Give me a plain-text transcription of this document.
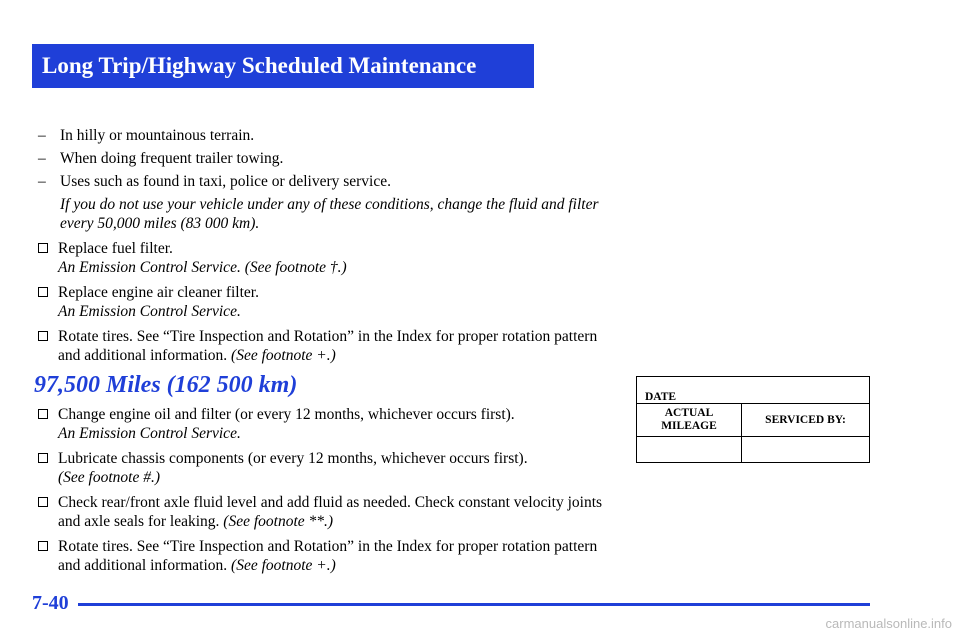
Long Trip/Highway Scheduled Maintenance
– In hilly or mountainous terrain.
– When doing frequent trailer towing.
– Uses such as found in taxi, police or delivery service.
If you do not use your vehicle under any of these conditions, change the fluid and filter every 50,000 miles (83 000 km).
Replace fuel filter.
An Emission Control Service. (See footnote †.)
Replace engine air cleaner filter.
An Emission Control Service.
Rotate tires. See “Tire Inspection and Rotation” in the Index for proper rotation pattern and additional information. (See footnote +.)
97,500 Miles (162 500 km)
Change engine oil and filter (or every 12 months, whichever occurs first).
An Emission Control Service.
Lubricate chassis components (or every 12 months, whichever occurs first).
(See footnote #.)
Check rear/front axle fluid level and add fluid as needed. Check constant velocity joints and axle seals for leaking. (See footnote **.)
Rotate tires. See “Tire Inspection and Rotation” in the Index for proper rotation pattern and additional information. (See footnote +.)
DATE	
ACTUAL MILEAGE	SERVICED BY:

7-40
carmanualsonline.info
